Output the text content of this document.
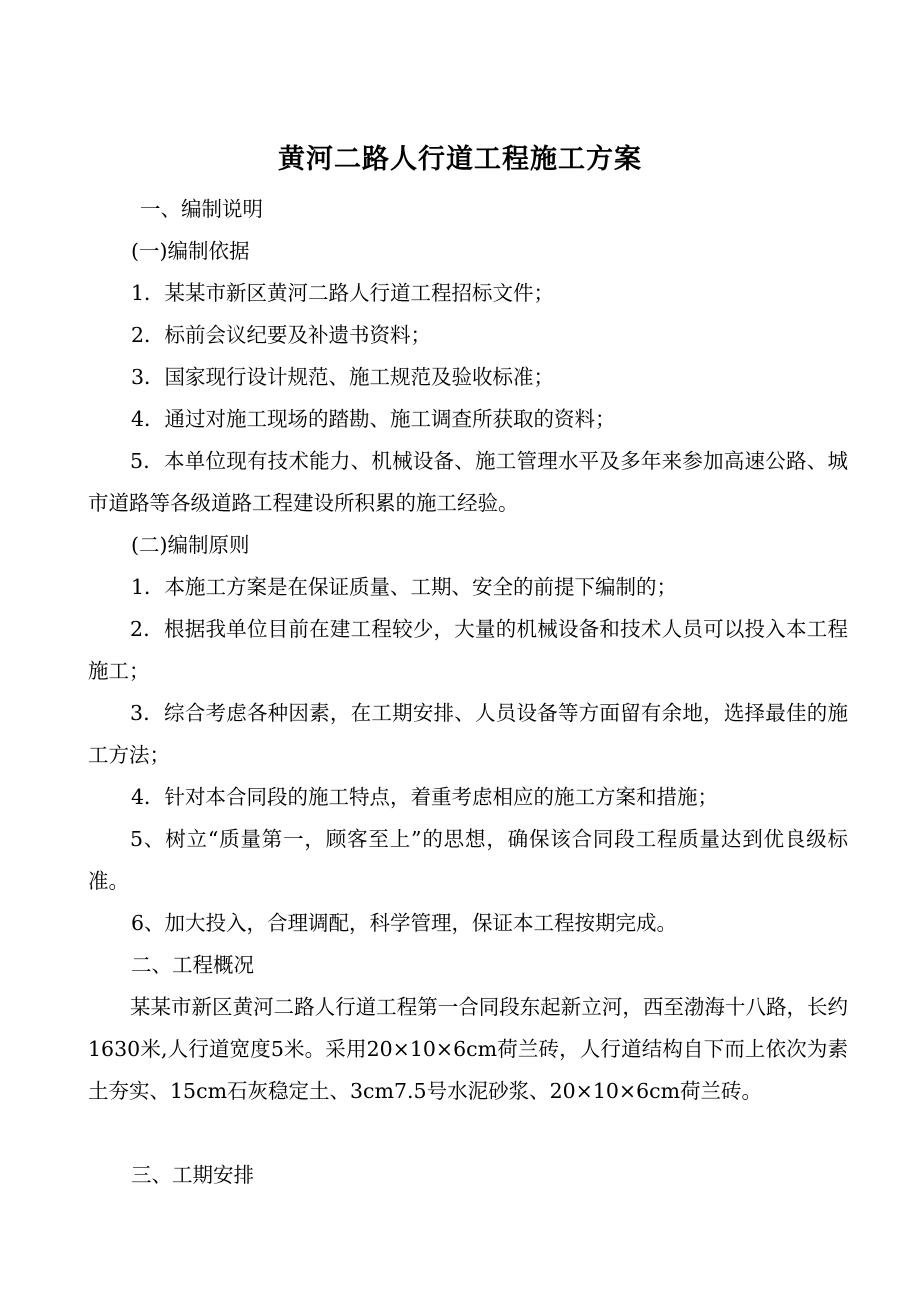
黄河二路人行道工程施工方案
一、编制说明
(一)编制依据
1．某某市新区黄河二路人行道工程招标文件；
2．标前会议纪要及补遗书资料；
3．国家现行设计规范、施工规范及验收标准；
4．通过对施工现场的踏勘、施工调查所获取的资料；
5．本单位现有技术能力、机械设备、施工管理水平及多年来参加高速公路、城市道路等各级道路工程建设所积累的施工经验。
(二)编制原则
1．本施工方案是在保证质量、工期、安全的前提下编制的；
2．根据我单位目前在建工程较少，大量的机械设备和技术人员可以投入本工程施工；
3．综合考虑各种因素，在工期安排、人员设备等方面留有余地，选择最佳的施工方法；
4．针对本合同段的施工特点，着重考虑相应的施工方案和措施；
5、树立“质量第一，顾客至上”的思想，确保该合同段工程质量达到优良级标准。
6、加大投入，合理调配，科学管理，保证本工程按期完成。
二、工程概况
某某市新区黄河二路人行道工程第一合同段东起新立河，西至渤海十八路，长约1630米,人行道宽度5米。采用20×10×6cm荷兰砖，人行道结构自下而上依次为素土夯实、15cm石灰稳定土、3cm7.5号水泥砂浆、20×10×6cm荷兰砖。
三、工期安排
